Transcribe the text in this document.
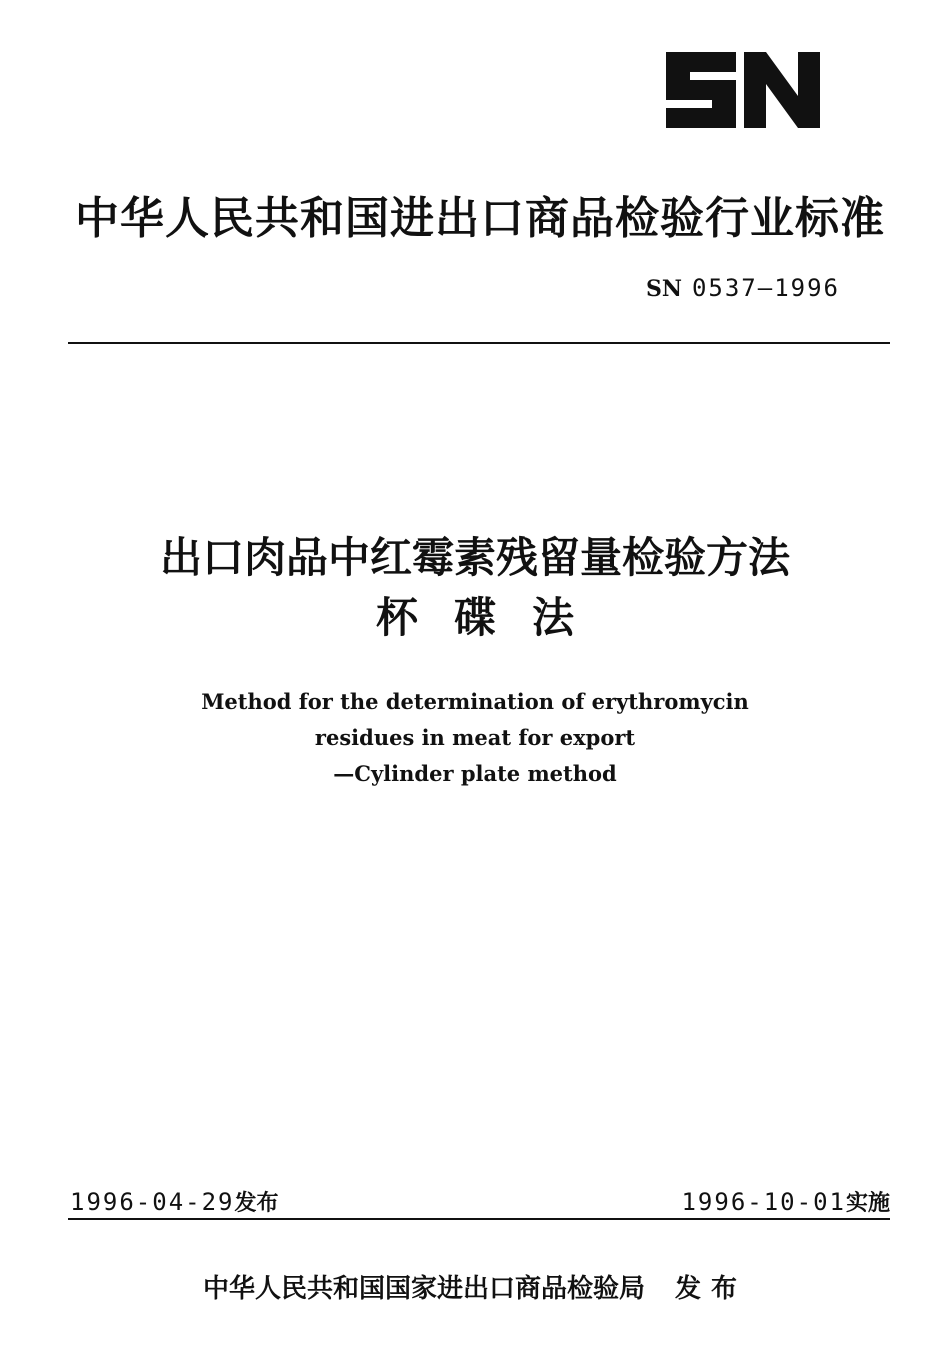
中华人民共和国进出口商品检验行业标准
SN 0537—1996
出口肉品中红霉素残留量检验方法
杯碟法
Method for the determination of erythromycin
residues in meat for export
—Cylinder plate method
1996-04-29发布	1996-10-01实施
中华人民共和国国家进出口商品检验局 发布
